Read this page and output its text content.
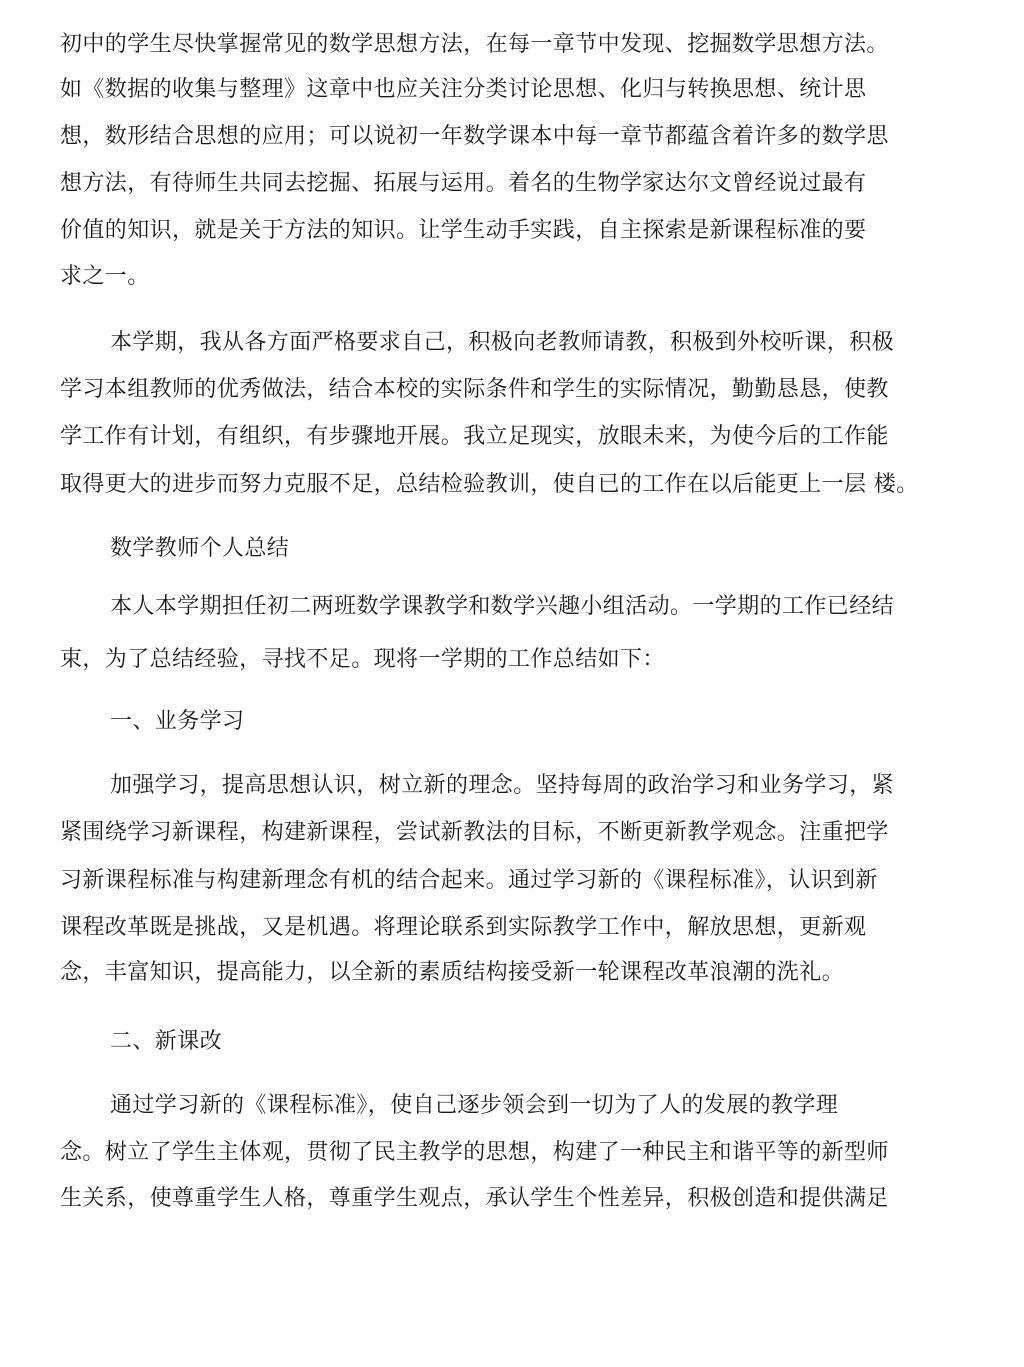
初中的学生尽快掌握常见的数学思想方法，在每一章节中发现、挖掘数学思想方法。
如《数据的收集与整理》这章中也应关注分类讨论思想、化归与转换思想、统计思
想，数形结合思想的应用；可以说初一年数学课本中每一章节都蕴含着许多的数学思
想方法，有待师生共同去挖掘、拓展与运用。着名的生物学家达尔文曾经说过最有
价值的知识，就是关于方法的知识。让学生动手实践，自主探索是新课程标准的要
求之一。
本学期，我从各方面严格要求自己，积极向老教师请教，积极到外校听课，积极
学习本组教师的优秀做法，结合本校的实际条件和学生的实际情况，勤勤恳恳，使教
学工作有计划，有组织，有步骤地开展。我立足现实，放眼未来，为使今后的工作能
取得更大的进步而努力克服不足，总结检验教训，使自已的工作在以后能更上一层 楼。
数学教师个人总结
本人本学期担任初二两班数学课教学和数学兴趣小组活动。一学期的工作已经结
束，为了总结经验，寻找不足。现将一学期的工作总结如下：
一、业务学习
加强学习，提高思想认识，树立新的理念。坚持每周的政治学习和业务学习，紧
紧围绕学习新课程，构建新课程，尝试新教法的目标，不断更新教学观念。注重把学
习新课程标准与构建新理念有机的结合起来。通过学习新的《课程标准》，认识到新
课程改革既是挑战，又是机遇。将理论联系到实际教学工作中，解放思想，更新观
念，丰富知识，提高能力，以全新的素质结构接受新一轮课程改革浪潮的洗礼。
二、新课改
通过学习新的《课程标准》，使自己逐步领会到一切为了人的发展的教学理
念。树立了学生主体观，贯彻了民主教学的思想，构建了一种民主和谐平等的新型师
生关系，使尊重学生人格，尊重学生观点，承认学生个性差异，积极创造和提供满足
